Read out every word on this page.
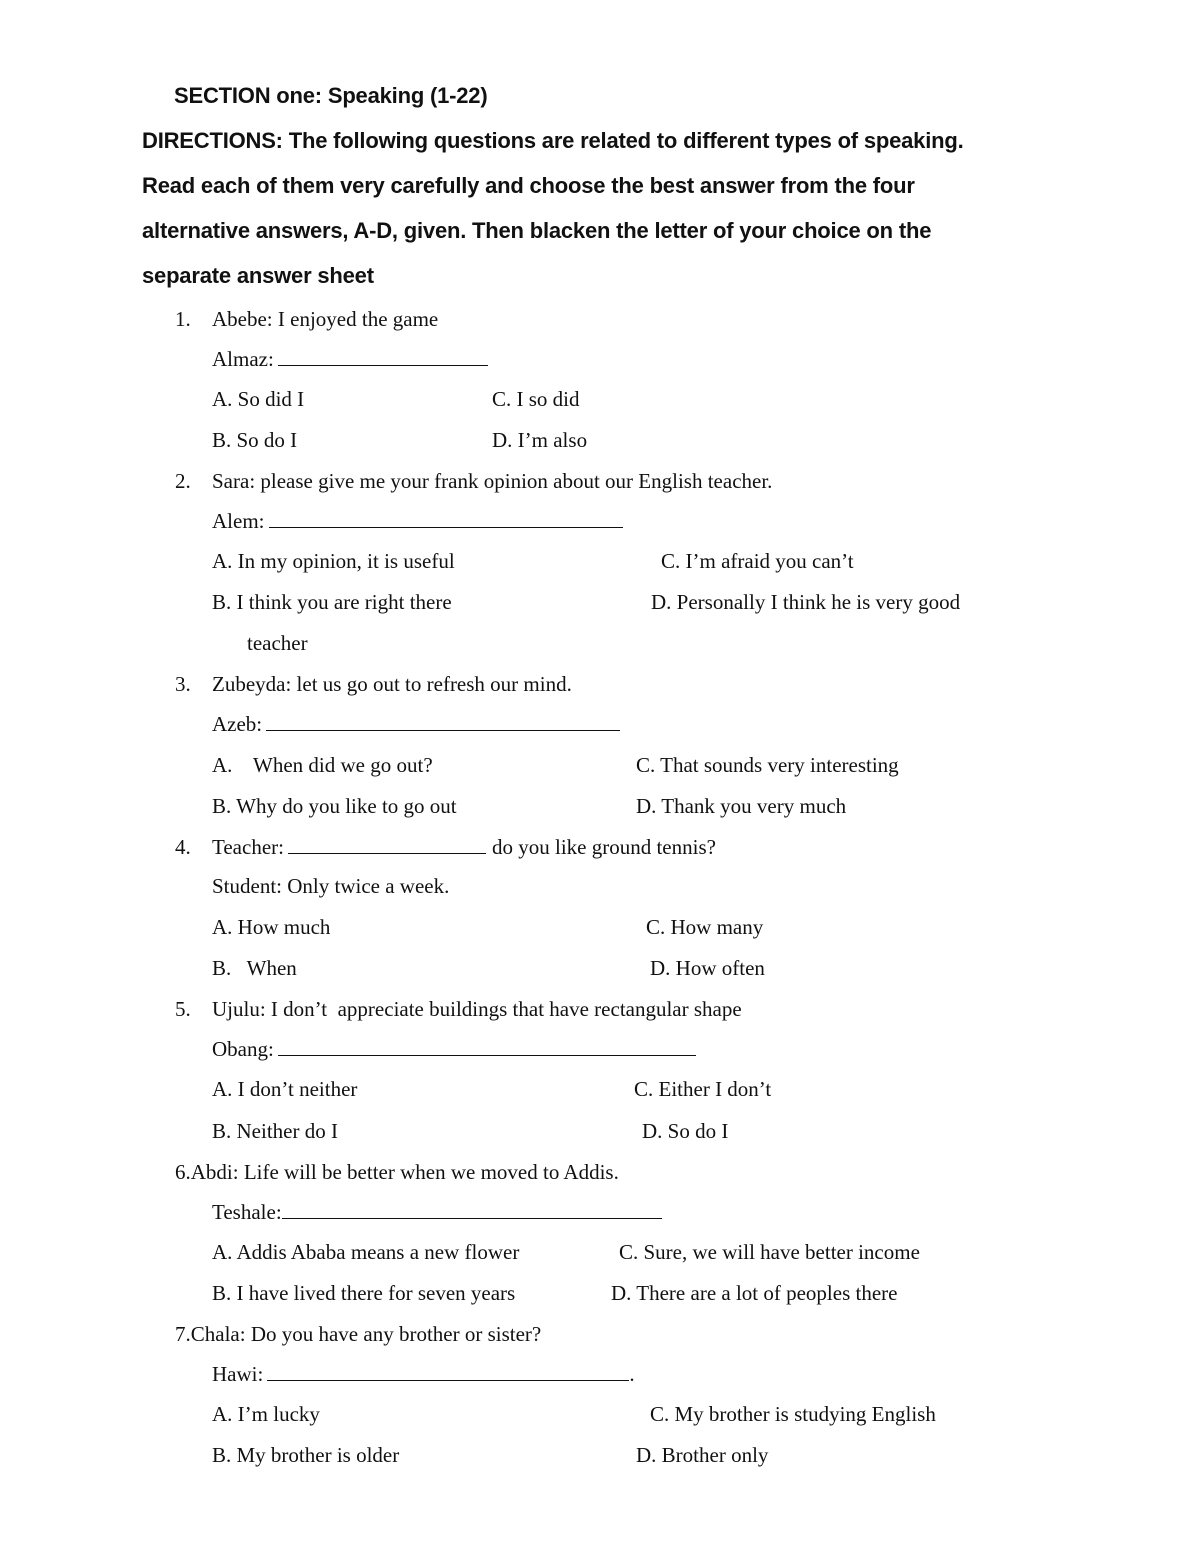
SECTION one: Speaking (1-22)
DIRECTIONS: The following questions are related to different types of speaking.
Read each of them very carefully and choose the best answer from the four
alternative answers, A-D, given. Then blacken the letter of your choice on the
separate answer sheet
1. Abebe: I enjoyed the game
Almaz:
A. So did I	C. I so did
B. So do I	D. I’m also
2. Sara: please give me your frank opinion about our English teacher.
Alem:
A. In my opinion, it is useful	C. I’m afraid you can’t
B. I think you are right there	D. Personally I think he is very good
teacher
3. Zubeyda: let us go out to refresh our mind.
Azeb:
A.    When did we go out?	C. That sounds very interesting
B. Why do you like to go out	D. Thank you very much
4. Teacher:	do you like ground tennis?
Student: Only twice a week.
A. How much	C. How many
B.   When	D. How often
5. Ujulu: I don’t  appreciate buildings that have rectangular shape
Obang:
A. I don’t neither	C. Either I don’t
B. Neither do I	D. So do I
6.Abdi: Life will be better when we moved to Addis.
Teshale:
A. Addis Ababa means a new flower	C. Sure, we will have better income
B. I have lived there for seven years	D. There are a lot of peoples there
7.Chala: Do you have any brother or sister?
Hawi:	.
A. I’m lucky	C. My brother is studying English
B. My brother is older	D. Brother only
